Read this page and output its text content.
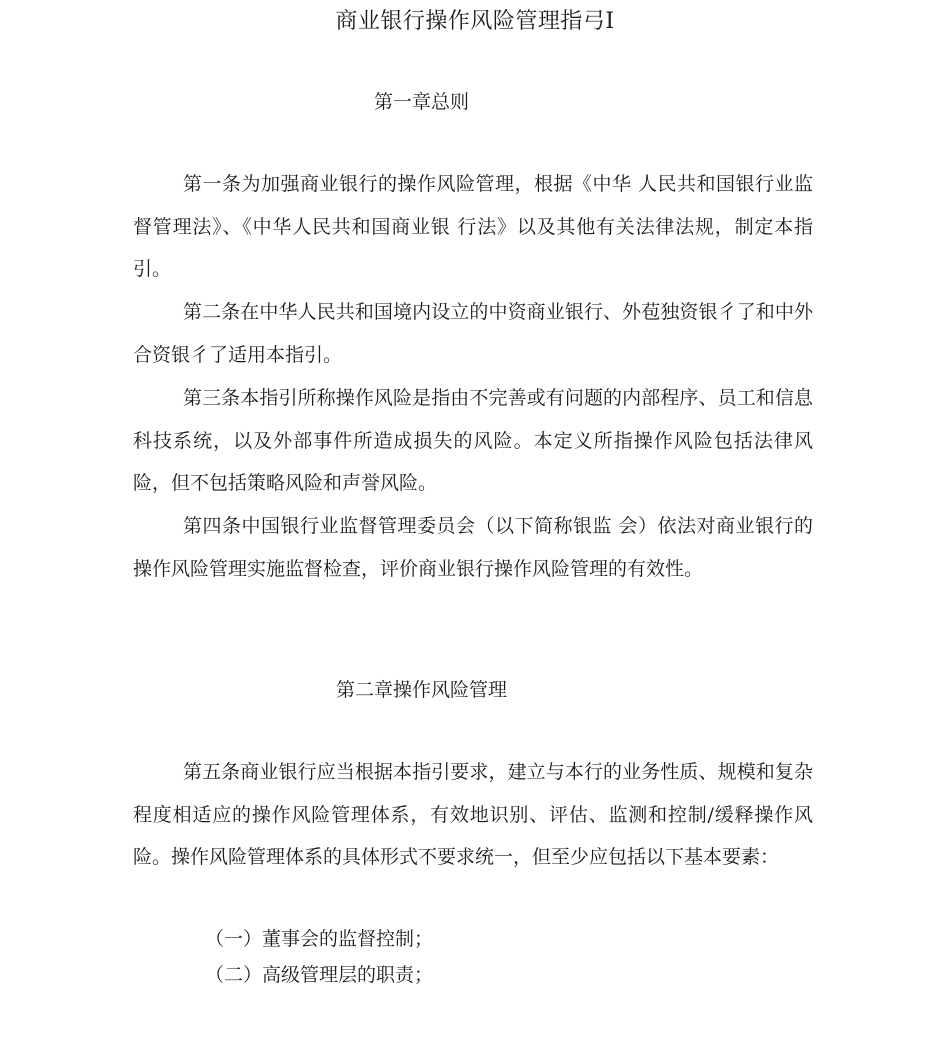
商业银行操作风险管理指弓I
第一章总则

第一条为加强商业银行的操作风险管理，根据《中华 人民共和国银行业监督管理法》、《中华人民共和国商业银 行法》以及其他有关法律法规，制定本指引。

第二条在中华人民共和国境内设立的中资商业银行、外苞独资银彳了和中外合资银彳了适用本指引。

第三条本指引所称操作风险是指由不完善或有问题的内部程序、员工和信息科技系统，以及外部事件所造成损失的风险。本定义所指操作风险包括法律风险，但不包括策略风险和声誉风险。

第四条中国银行业监督管理委员会（以下简称银监 会）依法对商业银行的操作风险管理实施监督检查，评价商业银行操作风险管理的有效性。

第二章操作风险管理

第五条商业银行应当根据本指引要求，建立与本行的业务性质、规模和复杂程度相适应的操作风险管理体系，有效地识别、评估、监测和控制/缓释操作风险。操作风险管理体系的具体形式不要求统一，但至少应包括以下基本要素：

（一）董事会的监督控制；
（二）高级管理层的职责；
